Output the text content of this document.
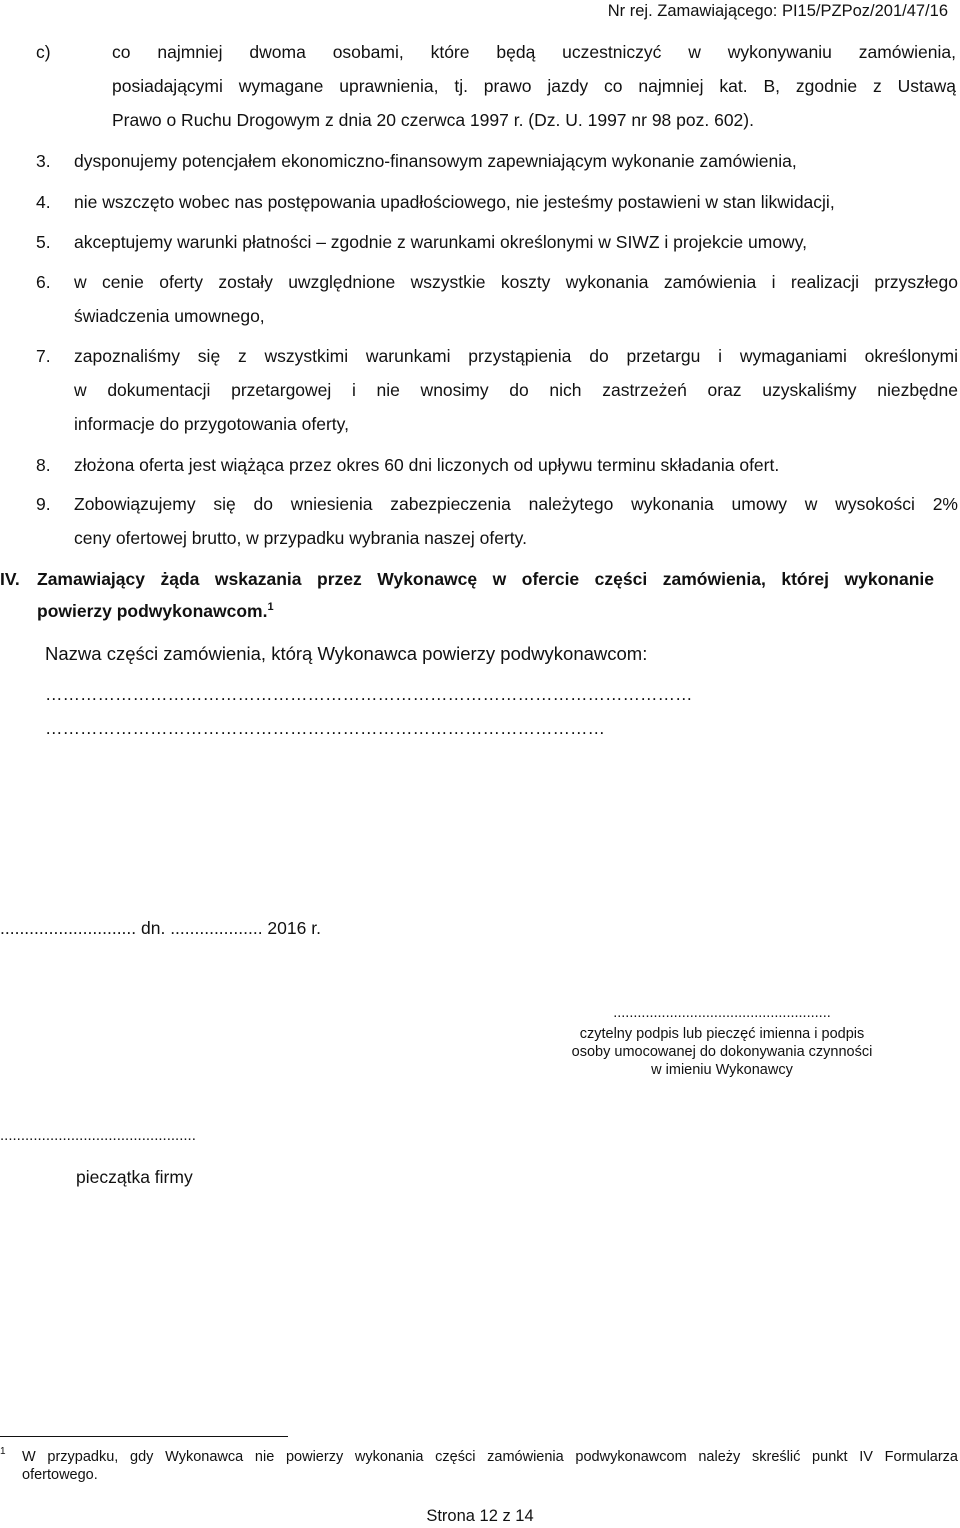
Nr rej. Zamawiającego: PI15/PZPoz/201/47/16
c)	co najmniej dwoma osobami, które będą uczestniczyć w wykonywaniu zamówienia,
posiadającymi wymagane uprawnienia, tj. prawo jazdy co najmniej kat. B, zgodnie z Ustawą
Prawo o Ruchu Drogowym z dnia 20 czerwca 1997 r. (Dz. U. 1997 nr 98 poz. 602).
3. dysponujemy potencjałem ekonomiczno-finansowym zapewniającym wykonanie zamówienia,
4. nie wszczęto wobec nas postępowania upadłościowego, nie jesteśmy postawieni w stan likwidacji,
5. akceptujemy warunki płatności – zgodnie z warunkami określonymi w SIWZ i projekcie umowy,
6. w cenie oferty zostały uwzględnione wszystkie koszty wykonania zamówienia i realizacji przyszłego
świadczenia umownego,
7. zapoznaliśmy się z wszystkimi warunkami przystąpienia do przetargu i wymaganiami określonymi
w dokumentacji przetargowej i nie wnosimy do nich zastrzeżeń oraz uzyskaliśmy niezbędne
informacje do przygotowania oferty,
8. złożona oferta jest wiążąca przez okres 60 dni liczonych od upływu terminu składania ofert.
9. Zobowiązujemy się do wniesienia zabezpieczenia należytego wykonania umowy w wysokości 2%
ceny ofertowej brutto, w przypadku wybrania naszej oferty.
IV. Zamawiający żąda wskazania przez Wykonawcę w ofercie części zamówienia, której wykonanie
powierzy podwykonawcom.$^1$
Nazwa części zamówienia, którą Wykonawca powierzy podwykonawcom:
…………………………………………………………………………………………………
……………………………………………………………………………………
............................ dn. ................... 2016 r.
......................................................
czytelny podpis lub pieczęć imienna i podpis
osoby umocowanej do dokonywania czynności
w imieniu Wykonawcy
...............................................
pieczątka firmy
$^1$ W przypadku, gdy Wykonawca nie powierzy wykonania części zamówienia podwykonawcom należy skreślić punkt IV Formularza
ofertowego.
Strona 12 z 14
